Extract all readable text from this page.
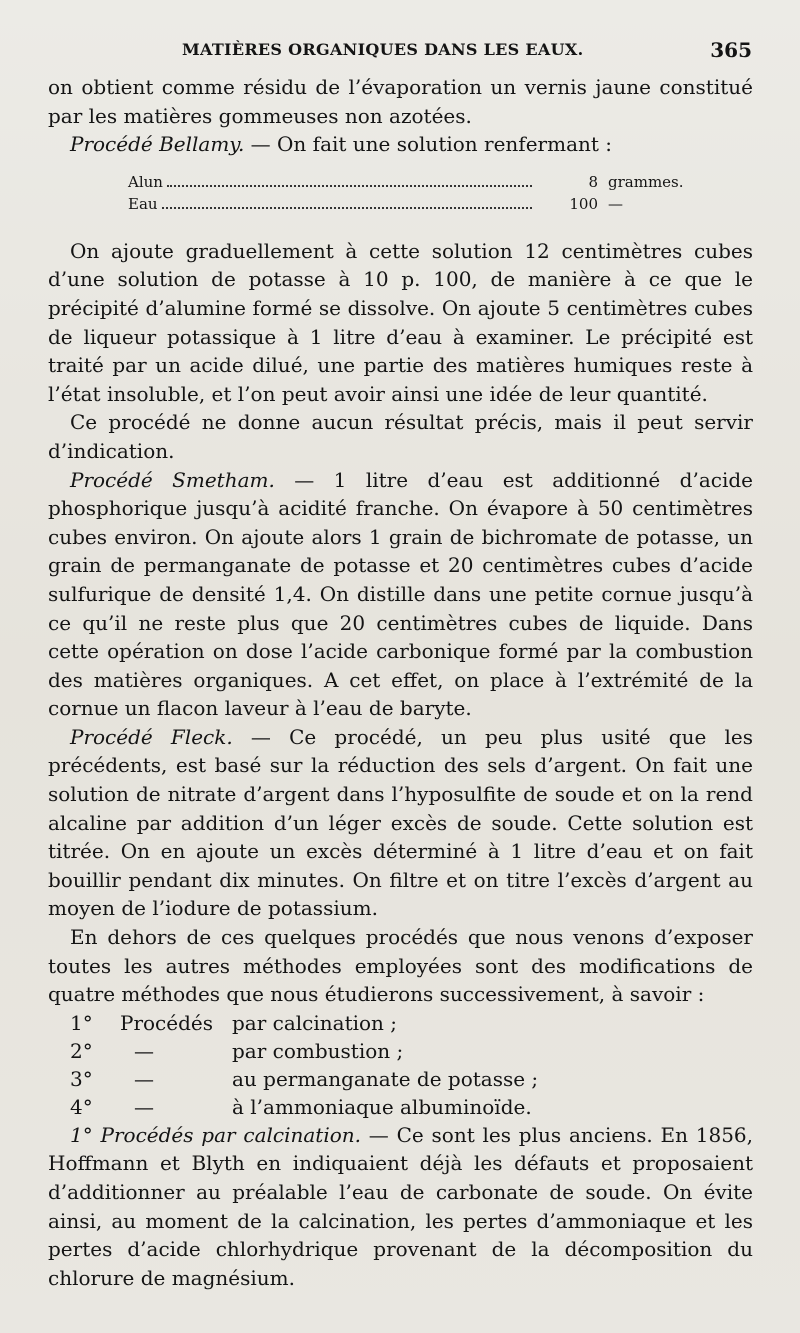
MATIÈRES ORGANIQUES DANS LES EAUX.	365

on obtient comme résidu de l’évaporation un vernis jaune constitué par les matières gommeuses non azotées.

Procédé Bellamy. — On fait une solution renfermant :

Alun	8 grammes.
Eau	100 —

On ajoute graduellement à cette solution 12 centimètres cubes d’une solution de potasse à 10 p. 100, de manière à ce que le précipité d’alumine formé se dissolve. On ajoute 5 centimètres cubes de liqueur potassique à 1 litre d’eau à examiner. Le précipité est traité par un acide dilué, une partie des matières humiques reste à l’état insoluble, et l’on peut avoir ainsi une idée de leur quantité.

Ce procédé ne donne aucun résultat précis, mais il peut servir d’indication.

Procédé Smetham. — 1 litre d’eau est additionné d’acide phosphorique jusqu’à acidité franche. On évapore à 50 centimètres cubes environ. On ajoute alors 1 grain de bichromate de potasse, un grain de permanganate de potasse et 20 centimètres cubes d’acide sulfurique de densité 1,4. On distille dans une petite cornue jusqu’à ce qu’il ne reste plus que 20 centimètres cubes de liquide. Dans cette opération on dose l’acide carbonique formé par la combustion des matières organiques. A cet effet, on place à l’extrémité de la cornue un flacon laveur à l’eau de baryte.

Procédé Fleck. — Ce procédé, un peu plus usité que les précédents, est basé sur la réduction des sels d’argent. On fait une solution de nitrate d’argent dans l’hyposulfite de soude et on la rend alcaline par addition d’un léger excès de soude. Cette solution est titrée. On en ajoute un excès déterminé à 1 litre d’eau et on fait bouillir pendant dix minutes. On filtre et on titre l’excès d’argent au moyen de l’iodure de potassium.

En dehors de ces quelques procédés que nous venons d’exposer toutes les autres méthodes employées sont des modifications de quatre méthodes que nous étudierons successivement, à savoir :

1°	Procédés par calcination ;
2°	—	par combustion ;
3°	—	au permanganate de potasse ;
4°	—	à l’ammoniaque albuminoïde.

1° Procédés par calcination. — Ce sont les plus anciens. En 1856, Hoffmann et Blyth en indiquaient déjà les défauts et proposaient d’additionner au préalable l’eau de carbonate de soude. On évite ainsi, au moment de la calcination, les pertes d’ammoniaque et les pertes d’acide chlorhydrique provenant de la décomposition du chlorure de magnésium.
